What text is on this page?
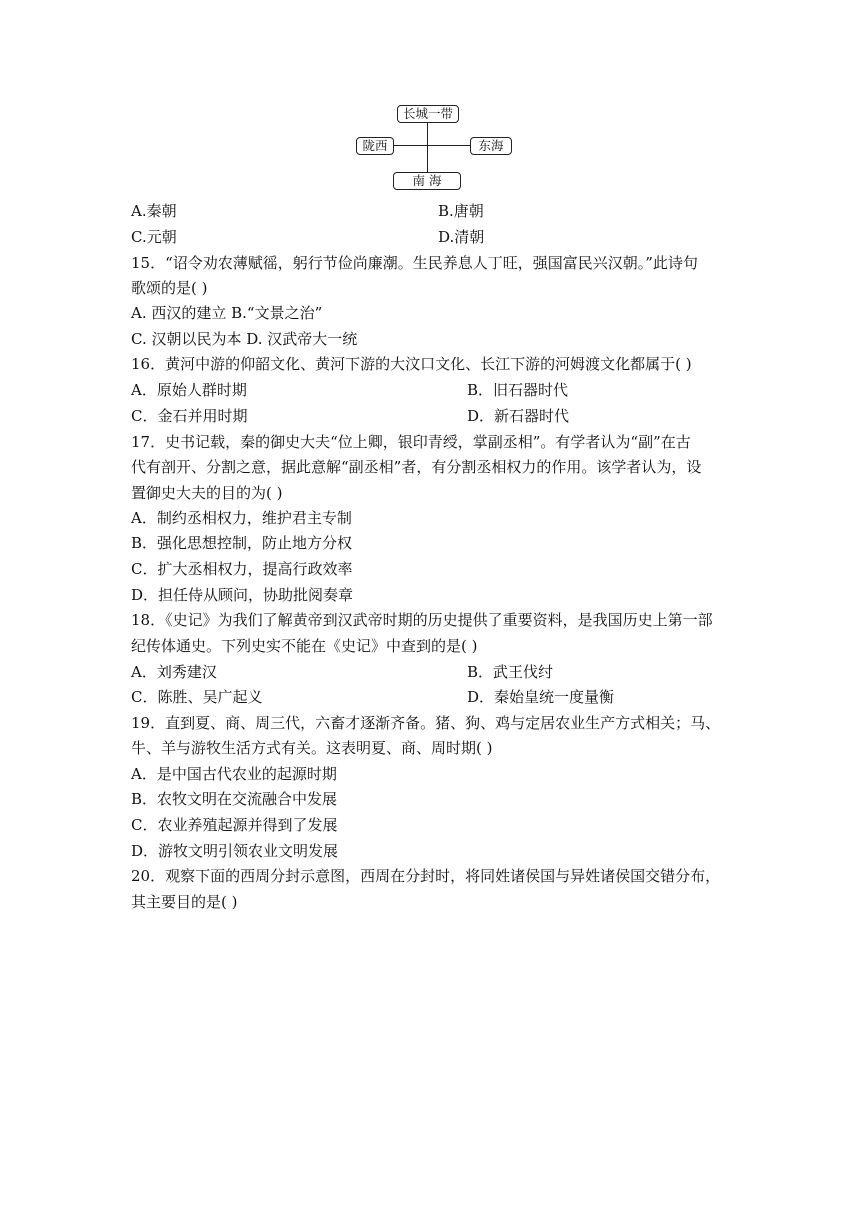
长城一带
陇西	东海
南 海
A.秦朝	B.唐朝
C.元朝	D.清朝
15．“诏令劝农薄赋徭，躬行节俭尚廉潮。生民养息人丁旺，强国富民兴汉朝。”此诗句
歌颂的是( )
A. 西汉的建立 B.“文景之治”
C. 汉朝以民为本 D. 汉武帝大一统
16．黄河中游的仰韶文化、黄河下游的大汶口文化、长江下游的河姆渡文化都属于( )
A．原始人群时期	B．旧石器时代
C．金石并用时期	D．新石器时代
17．史书记载，秦的御史大夫“位上卿，银印青绶，掌副丞相”。有学者认为“副”在古
代有剖开、分割之意，据此意解“副丞相”者，有分割丞相权力的作用。该学者认为，设
置御史大夫的目的为( )
A．制约丞相权力，维护君主专制
B．强化思想控制，防止地方分权
C．扩大丞相权力，提高行政效率
D．担任侍从顾问，协助批阅奏章
18．《史记》为我们了解黄帝到汉武帝时期的历史提供了重要资料，是我国历史上第一部
纪传体通史。下列史实不能在《史记》中查到的是( )
A．刘秀建汉	B．武王伐纣
C．陈胜、吴广起义	D．秦始皇统一度量衡
19．直到夏、商、周三代，六畜才逐渐齐备。猪、狗、鸡与定居农业生产方式相关；马、
牛、羊与游牧生活方式有关。这表明夏、商、周时期( )
A．是中国古代农业的起源时期
B．农牧文明在交流融合中发展
C．农业养殖起源并得到了发展
D．游牧文明引领农业文明发展
20．观察下面的西周分封示意图，西周在分封时，将同姓诸侯国与异姓诸侯国交错分布，
其主要目的是( )
